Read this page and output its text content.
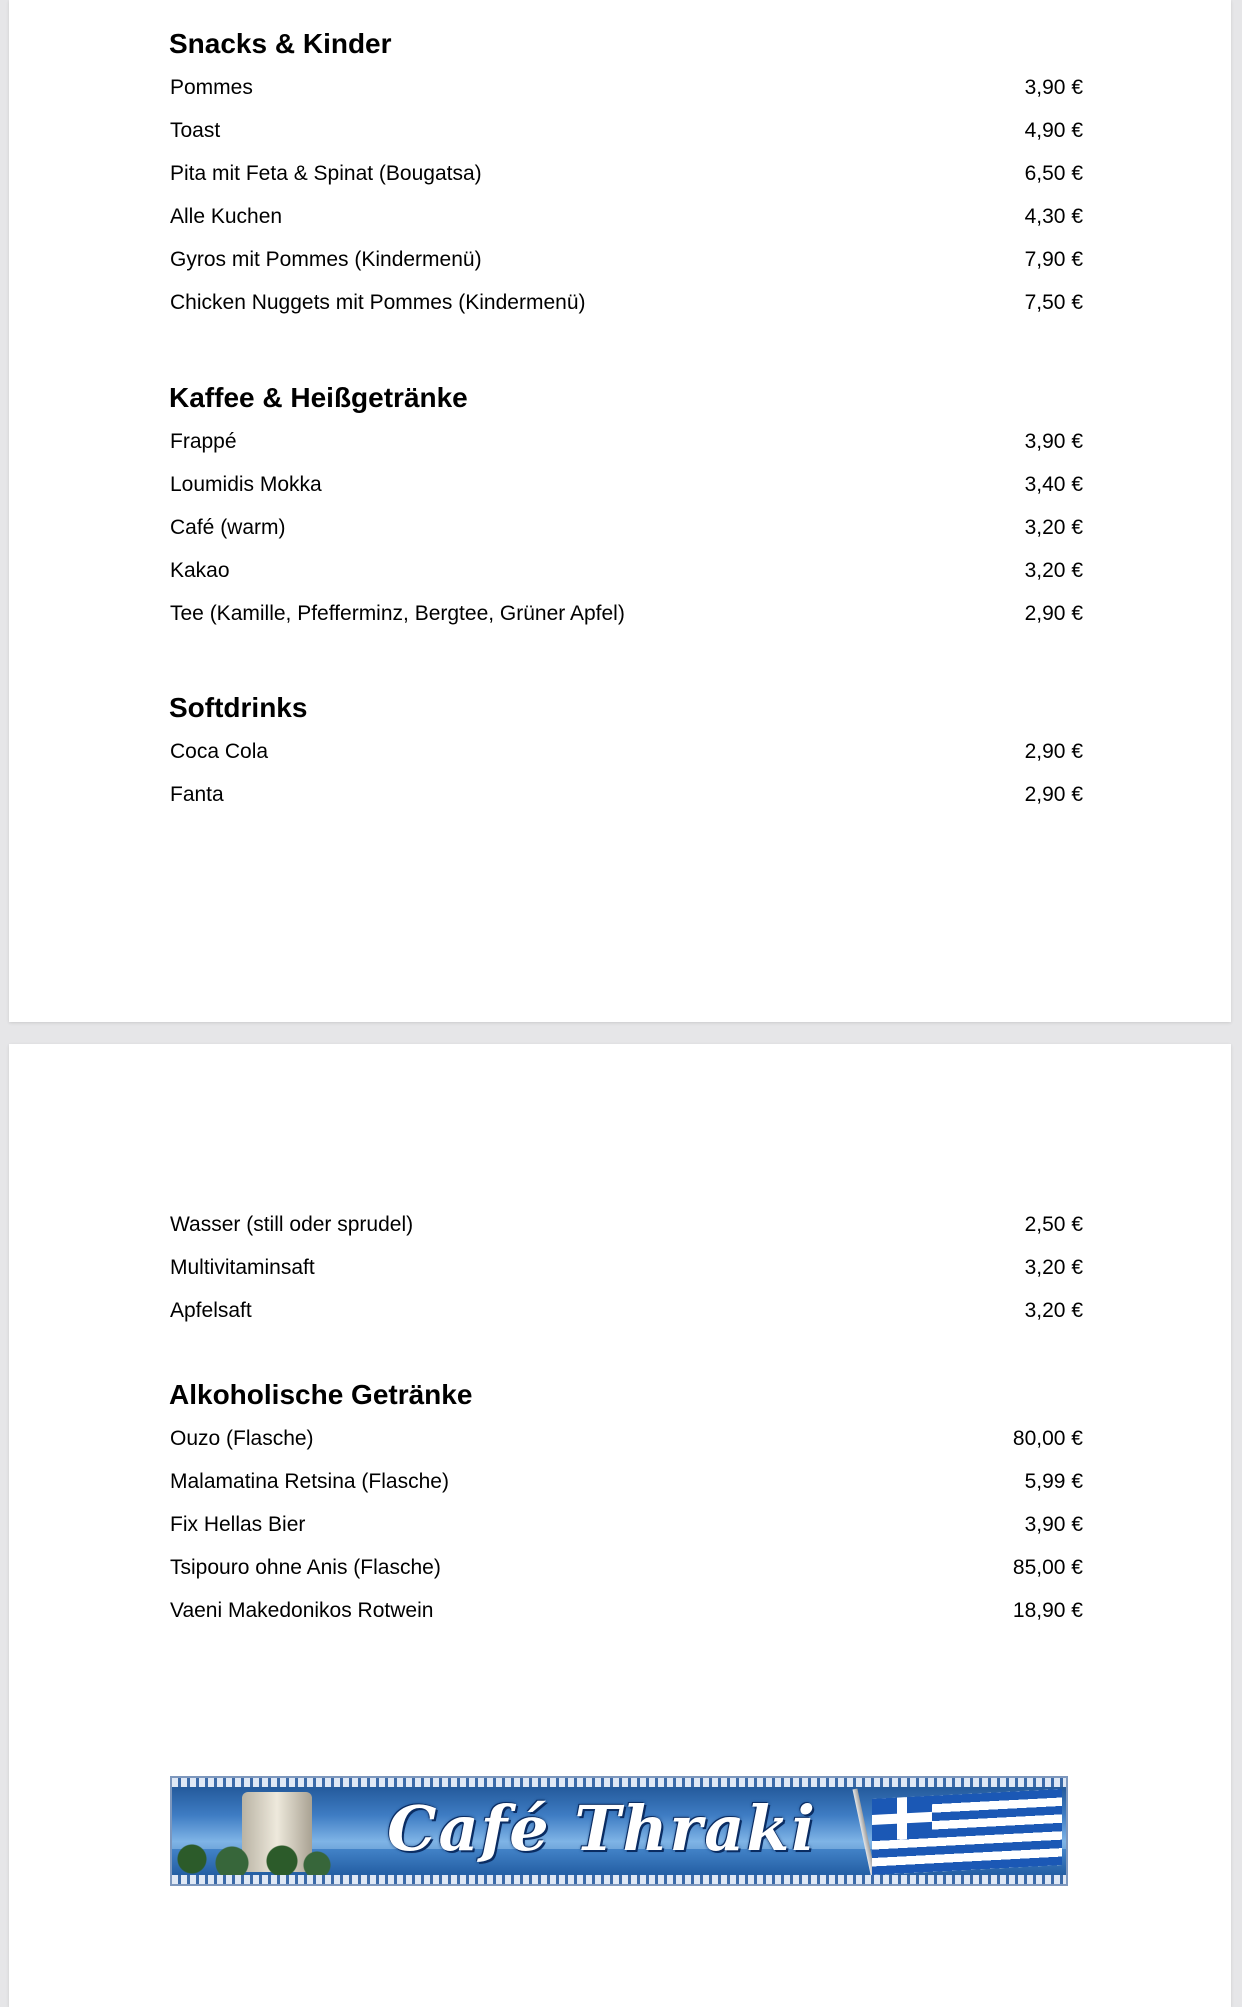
Snacks & Kinder
Pommes	3,90 €
Toast	4,90 €
Pita mit Feta & Spinat (Bougatsa)	6,50 €
Alle Kuchen	4,30 €
Gyros mit Pommes (Kindermenü)	7,90 €
Chicken Nuggets mit Pommes (Kindermenü)	7,50 €
Kaffee & Heißgetränke
Frappé	3,90 €
Loumidis Mokka	3,40 €
Café (warm)	3,20 €
Kakao	3,20 €
Tee (Kamille, Pfefferminz, Bergtee, Grüner Apfel)	2,90 €
Softdrinks
Coca Cola	2,90 €
Fanta	2,90 €
Wasser (still oder sprudel)	2,50 €
Multivitaminsaft	3,20 €
Apfelsaft	3,20 €
Alkoholische Getränke
Ouzo (Flasche)	80,00 €
Malamatina Retsina (Flasche)	5,99 €
Fix Hellas Bier	3,90 €
Tsipouro ohne Anis (Flasche)	85,00 €
Vaeni Makedonikos Rotwein	18,90 €
Café Thraki
